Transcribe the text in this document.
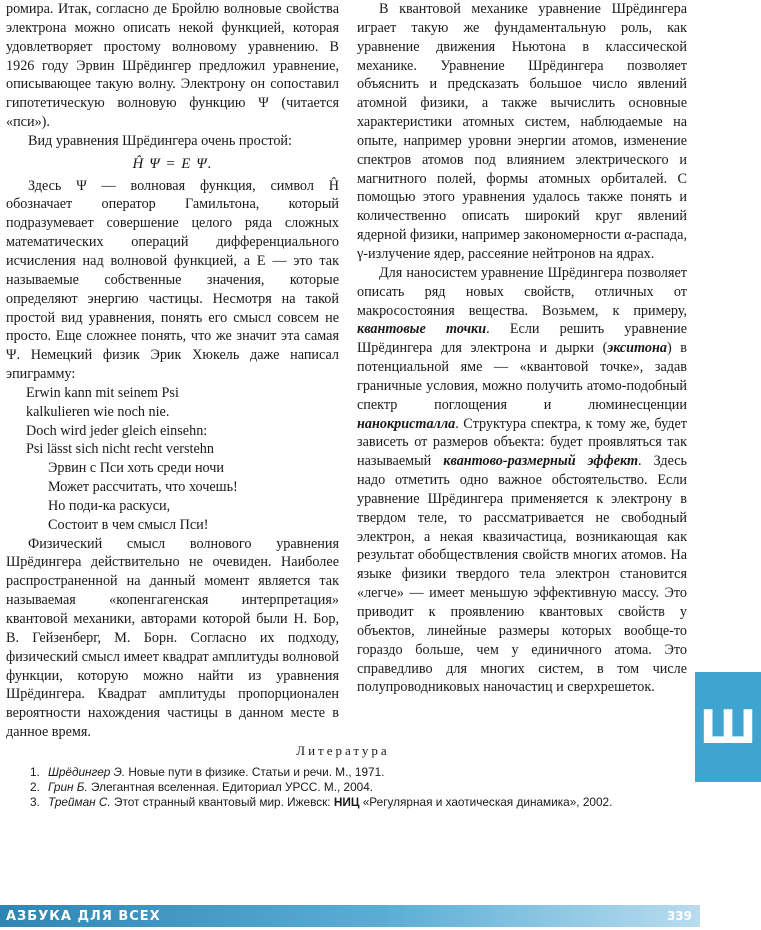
ромира. Итак, согласно де Бройлю волновые свойства электрона можно описать некой функцией, которая удовлетворяет простому волновому уравнению. В 1926 году Эрвин Шрёдингер предложил уравнение, описывающее такую волну. Электрону он сопоставил гипотетическую волновую функцию Ψ (читается «пси»).

Вид уравнения Шрёдингера очень простой:

Ĥ Ψ = E Ψ.

Здесь Ψ — волновая функция, символ Ĥ обозначает оператор Гамильтона, который подразумевает совершение целого ряда сложных математических операций дифференциального исчисления над волновой функцией, а E — это так называемые собственные значения, которые определяют энергию частицы. Несмотря на такой простой вид уравнения, понять его смысл совсем не просто. Еще сложнее понять, что же значит эта самая Ψ. Немецкий физик Эрик Хюкель даже написал эпиграмму:

Erwin kann mit seinem Psi

kalkulieren wie noch nie.

Doch wird jeder gleich einsehn:

Psi lässt sich nicht recht verstehn

Эрвин с Пси хоть среди ночи

Может рассчитать, что хочешь!

Но поди-ка раскуси,

Состоит в чем смысл Пси!

Физический смысл волнового уравнения Шрёдингера действительно не очевиден. Наиболее распространенной на данный момент является так называемая «копенгагенская интерпретация» квантовой механики, авторами которой были Н. Бор, В. Гейзенберг, М. Борн. Согласно их подходу, физический смысл имеет квадрат амплитуды волновой функции, которую можно найти из уравнения Шрёдингера. Квадрат амплитуды пропорционален вероятности нахождения частицы в данном месте в данное время.

В квантовой механике уравнение Шрёдингера играет такую же фундаментальную роль, как уравнение движения Ньютона в классической механике. Уравнение Шрёдингера позволяет объяснить и предсказать большое число явлений атомной физики, а также вычислить основные характеристики атомных систем, наблюдаемые на опыте, например уровни энергии атомов, изменение спектров атомов под влиянием электрического и магнитного полей, формы атомных орбиталей. С помощью этого уравнения удалось также понять и количественно описать широкий круг явлений ядерной физики, например закономерности α-распада, γ-излучение ядер, рассеяние нейтронов на ядрах.

Для наносистем уравнение Шрёдингера позволяет описать ряд новых свойств, отличных от макросостояния вещества. Возьмем, к примеру, квантовые точки. Если решить уравнение Шрёдингера для электрона и дырки (экситона) в потенциальной яме — «квантовой точке», задав граничные условия, можно получить атомо-подобный спектр поглощения и люминесценции нанокристалла. Структура спектра, к тому же, будет зависеть от размеров объекта: будет проявляться так называемый квантово-размерный эффект. Здесь надо отметить одно важное обстоятельство. Если уравнение Шрёдингера применяется к электрону в твердом теле, то рассматривается не свободный электрон, а некая квазичастица, возникающая как результат обобществления свойств многих атомов. На языке физики твердого тела электрон становится «легче» — имеет меньшую эффективную массу. Это приводит к проявлению квантовых свойств у объектов, линейные размеры которых вообще-то гораздо больше, чем у единичного атома. Это справедливо для многих систем, в том числе полупроводниковых наночастиц и сверхрешеток.

Ш
Литература
1. Шрёдингер Э. Новые пути в физике. Статьи и речи. М., 1971.
2. Грин Б. Элегантная вселенная. Едиториал УРСС. М., 2004.
3. Трейман С. Этот странный квантовый мир. Ижевск: НИЦ «Регулярная и хаотическая динамика», 2002.
АЗБУКА ДЛЯ ВСЕХ	339
